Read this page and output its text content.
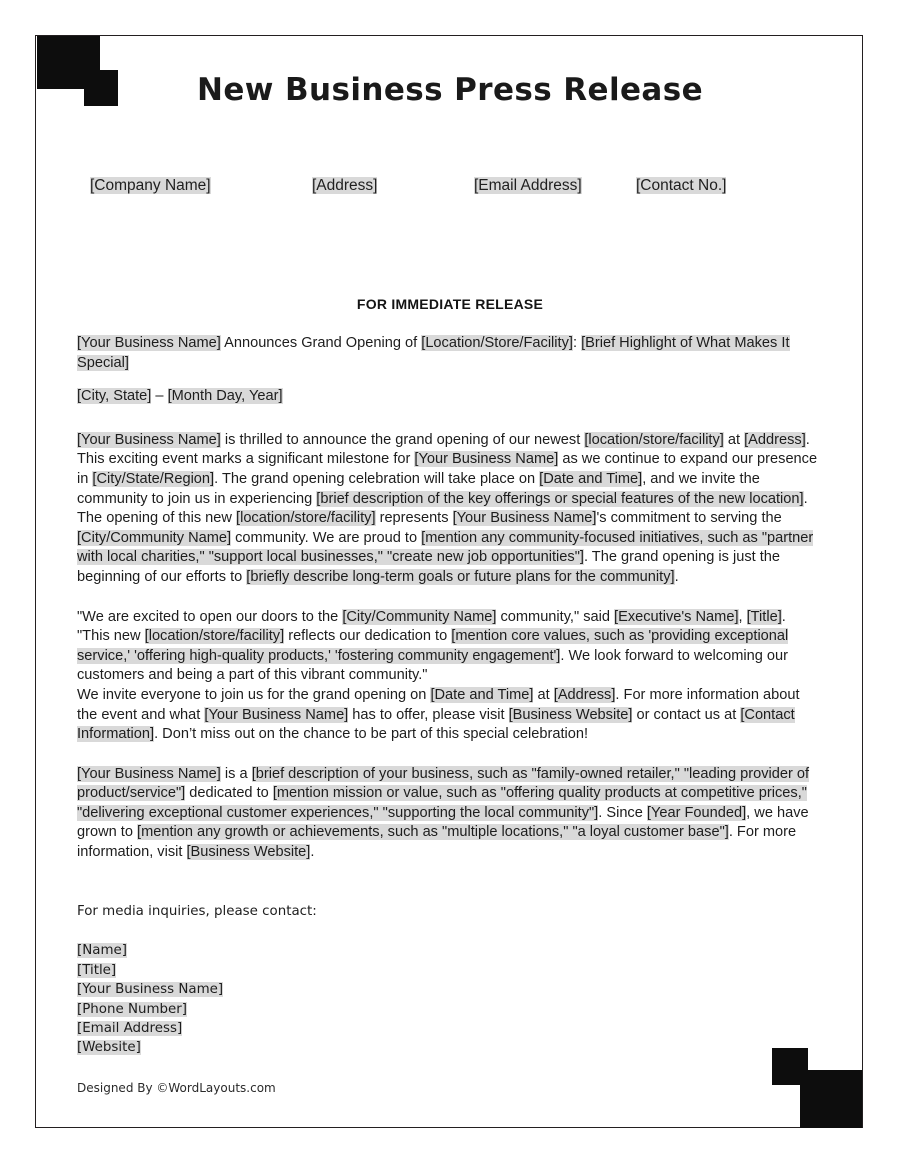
New Business Press Release
[Company Name]	[Address]	[Email Address]	[Contact No.]
FOR IMMEDIATE RELEASE

[Your Business Name] Announces Grand Opening of [Location/Store/Facility]: [Brief Highlight of What Makes It Special]

[City, State] – [Month Day, Year]

[Your Business Name] is thrilled to announce the grand opening of our newest [location/store/facility] at [Address]. This exciting event marks a significant milestone for [Your Business Name] as we continue to expand our presence in [City/State/Region]. The grand opening celebration will take place on [Date and Time], and we invite the community to join us in experiencing [brief description of the key offerings or special features of the new location]. The opening of this new [location/store/facility] represents [Your Business Name]'s commitment to serving the [City/Community Name] community. We are proud to [mention any community-focused initiatives, such as "partner with local charities," "support local businesses," "create new job opportunities"]. The grand opening is just the beginning of our efforts to [briefly describe long-term goals or future plans for the community].

"We are excited to open our doors to the [City/Community Name] community," said [Executive's Name], [Title]. "This new [location/store/facility] reflects our dedication to [mention core values, such as 'providing exceptional service,' 'offering high-quality products,' 'fostering community engagement']. We look forward to welcoming our customers and being a part of this vibrant community."

We invite everyone to join us for the grand opening on [Date and Time] at [Address]. For more information about the event and what [Your Business Name] has to offer, please visit [Business Website] or contact us at [Contact Information]. Don’t miss out on the chance to be part of this special celebration!

[Your Business Name] is a [brief description of your business, such as "family-owned retailer," "leading provider of product/service"] dedicated to [mention mission or value, such as "offering quality products at competitive prices," "delivering exceptional customer experiences," "supporting the local community"]. Since [Year Founded], we have grown to [mention any growth or achievements, such as "multiple locations," "a loyal customer base"]. For more information, visit [Business Website].

For media inquiries, please contact:

[Name]
[Title]
[Your Business Name]
[Phone Number]
[Email Address]
[Website]
Designed By ©WordLayouts.com
